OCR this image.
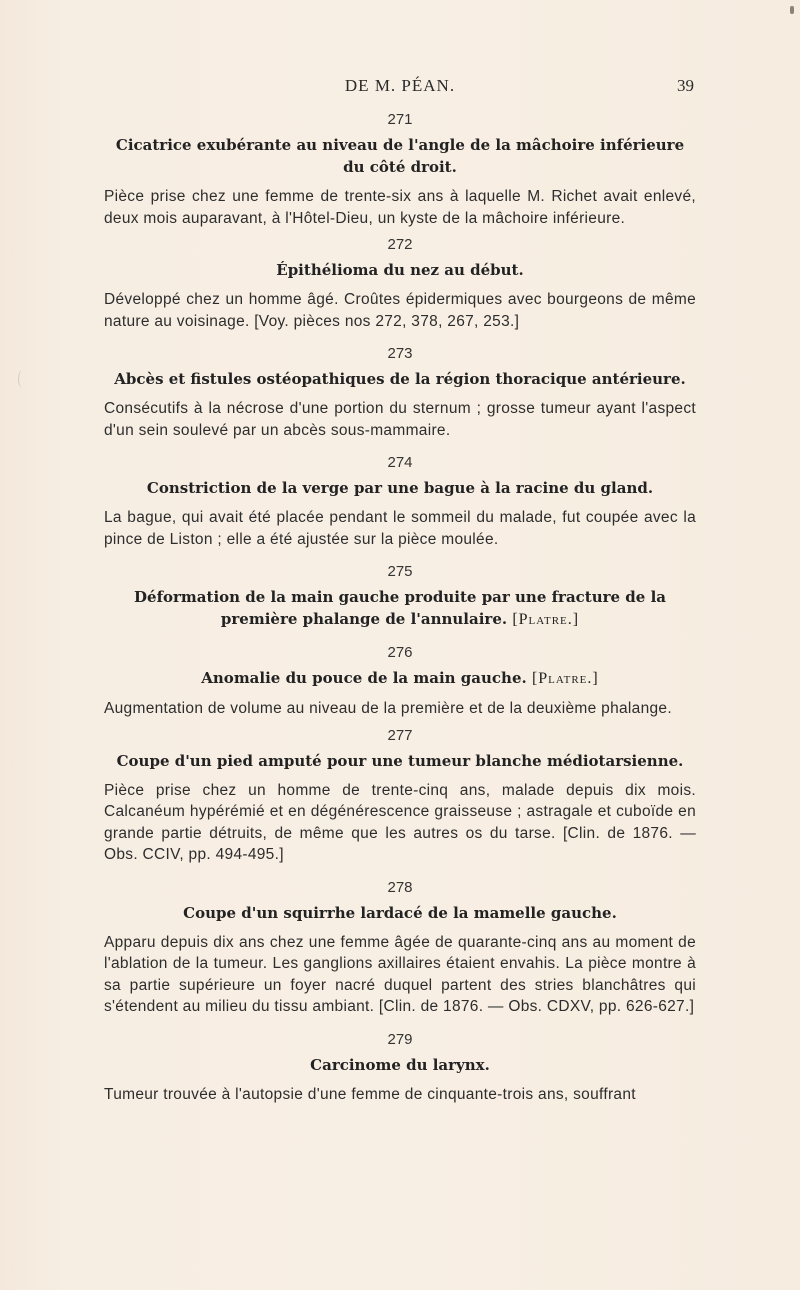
DE M. PÉAN.	39
271
Cicatrice exubérante au niveau de l'angle de la mâchoire inférieure du côté droit.
Pièce prise chez une femme de trente-six ans à laquelle M. Richet avait enlevé, deux mois auparavant, à l'Hôtel-Dieu, un kyste de la mâchoire inférieure.
272
Épithélioma du nez au début.
Développé chez un homme âgé. Croûtes épidermiques avec bourgeons de même nature au voisinage. [Voy. pièces nos 272, 378, 267, 253.]
273
Abcès et fistules ostéopathiques de la région thoracique antérieure.
Consécutifs à la nécrose d'une portion du sternum ; grosse tumeur ayant l'aspect d'un sein soulevé par un abcès sous-mammaire.
274
Constriction de la verge par une bague à la racine du gland.
La bague, qui avait été placée pendant le sommeil du malade, fut coupée avec la pince de Liston ; elle a été ajustée sur la pièce moulée.
275
Déformation de la main gauche produite par une fracture de la première phalange de l'annulaire. [Platre.]
276
Anomalie du pouce de la main gauche. [Platre.]
Augmentation de volume au niveau de la première et de la deuxième phalange.
277
Coupe d'un pied amputé pour une tumeur blanche médiotarsienne.
Pièce prise chez un homme de trente-cinq ans, malade depuis dix mois. Calcanéum hypérémié et en dégénérescence graisseuse ; astragale et cuboïde en grande partie détruits, de même que les autres os du tarse. [Clin. de 1876. — Obs. CCIV, pp. 494-495.]
278
Coupe d'un squirrhe lardacé de la mamelle gauche.
Apparu depuis dix ans chez une femme âgée de quarante-cinq ans au moment de l'ablation de la tumeur. Les ganglions axillaires étaient envahis. La pièce montre à sa partie supérieure un foyer nacré duquel partent des stries blanchâtres qui s'étendent au milieu du tissu ambiant. [Clin. de 1876. — Obs. CDXV, pp. 626-627.]
279
Carcinome du larynx.
Tumeur trouvée à l'autopsie d'une femme de cinquante-trois ans, souffrant
